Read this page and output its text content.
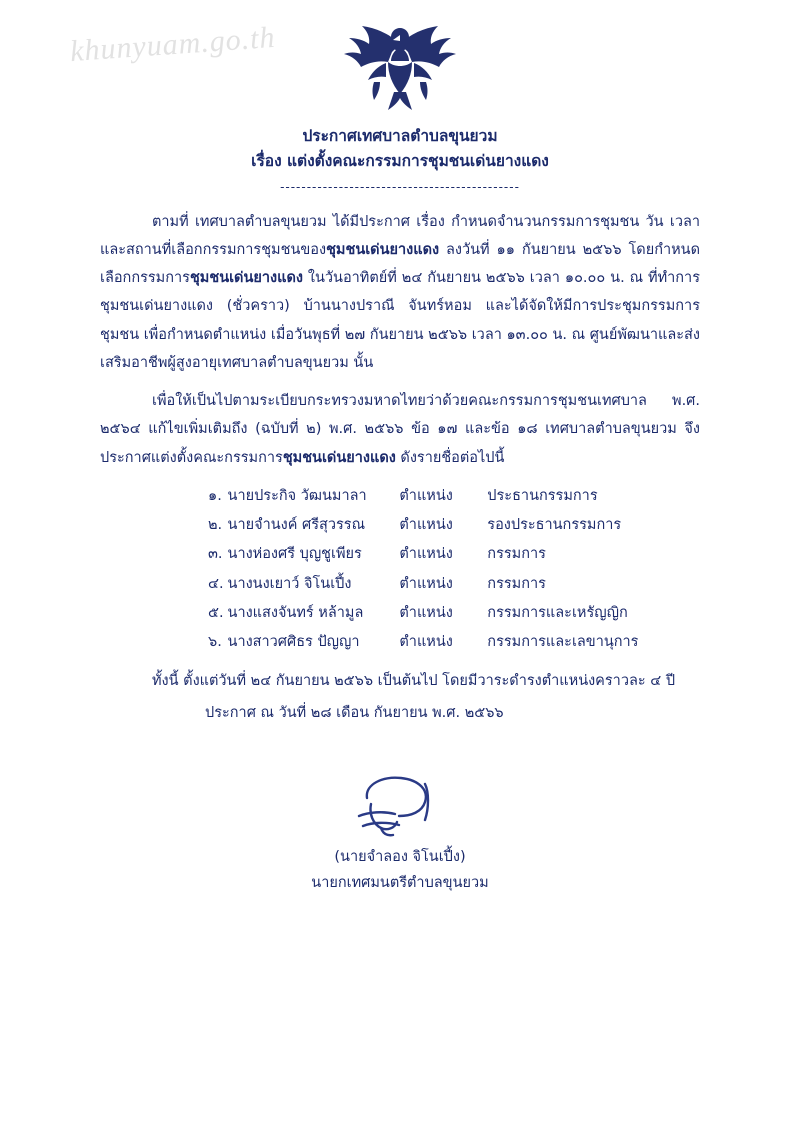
khunyuam.go.th
ประกาศเทศบาลตำบลขุนยวม
เรื่อง แต่งตั้งคณะกรรมการชุมชนเด่นยางแดง
---------------------------------------------

ตามที่ เทศบาลตำบลขุนยวม ได้มีประกาศ เรื่อง กำหนดจำนวนกรรมการชุมชน วัน เวลา และสถานที่เลือกกรรมการชุมชนของชุมชนเด่นยางแดง ลงวันที่ ๑๑ กันยายน ๒๕๖๖ โดยกำหนดเลือกกรรมการชุมชนเด่นยางแดง ในวันอาทิตย์ที่ ๒๔ กันยายน ๒๕๖๖ เวลา ๑๐.๐๐ น. ณ ที่ทำการชุมชนเด่นยางแดง (ชั่วคราว) บ้านนางปราณี จันทร์หอม และได้จัดให้มีการประชุมกรรมการชุมชน เพื่อกำหนดตำแหน่ง เมื่อวันพุธที่ ๒๗ กันยายน ๒๕๖๖ เวลา ๑๓.๐๐ น. ณ ศูนย์พัฒนาและส่งเสริมอาชีพผู้สูงอายุเทศบาลตำบลขุนยวม นั้น

เพื่อให้เป็นไปตามระเบียบกระทรวงมหาดไทยว่าด้วยคณะกรรมการชุมชนเทศบาล พ.ศ. ๒๕๖๔ แก้ไขเพิ่มเติมถึง (ฉบับที่ ๒) พ.ศ. ๒๕๖๖ ข้อ ๑๗ และข้อ ๑๘ เทศบาลตำบลขุนยวม จึงประกาศแต่งตั้งคณะกรรมการชุมชนเด่นยางแดง ดังรายชื่อต่อไปนี้

๑.	นายประกิจ วัฒนมาลา	ตำแหน่ง	ประธานกรรมการ
๒.	นายจำนงค์ ศรีสุวรรณ	ตำแหน่ง	รองประธานกรรมการ
๓.	นางห่องศรี บุญชูเพียร	ตำแหน่ง	กรรมการ
๔.	นางนงเยาว์ จิโนเปี้ง	ตำแหน่ง	กรรมการ
๕.	นางแสงจันทร์ หล้ามูล	ตำแหน่ง	กรรมการและเหรัญญิก
๖.	นางสาวศศิธร ปัญญา	ตำแหน่ง	กรรมการและเลขานุการ

ทั้งนี้ ตั้งแต่วันที่ ๒๔ กันยายน ๒๕๖๖ เป็นต้นไป โดยมีวาระดำรงตำแหน่งคราวละ ๔ ปี

ประกาศ ณ วันที่ ๒๘ เดือน กันยายน พ.ศ. ๒๕๖๖

(นายจำลอง จิโนเปี้ง)
นายกเทศมนตรีตำบลขุนยวม
